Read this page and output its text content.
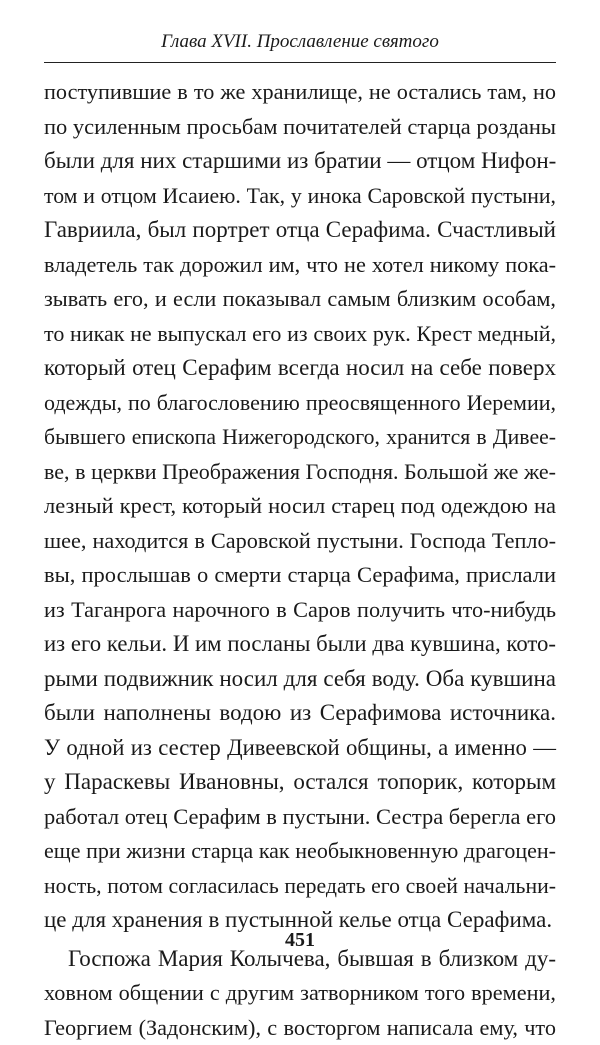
Глава XVII. Прославление святого
поступившие в то же хранилище, не остались там, но
по усиленным просьбам почитателей старца розданы
были для них старшими из братии — отцом Нифон-
том и отцом Исаиею. Так, у инока Саровской пустыни,
Гавриила, был портрет отца Серафима. Счастливый
владетель так дорожил им, что не хотел никому пока-
зывать его, и если показывал самым близким особам,
то никак не выпускал его из своих рук. Крест медный,
который отец Серафим всегда носил на себе поверх
одежды, по благословению преосвященного Иеремии,
бывшего епископа Нижегородского, хранится в Дивее-
ве, в церкви Преображения Господня. Большой же же-
лезный крест, который носил старец под одеждою на
шее, находится в Саровской пустыни. Господа Теплo-
вы, прослышав о смерти старца Серафима, прислали
из Таганрога нарочного в Саров получить что-нибудь
из его кельи. И им посланы были два кувшина, кото-
рыми подвижник носил для себя воду. Оба кувшина
были наполнены водою из Серафимова источника.
У одной из сестер Дивеевской общины, а именно —
у Параскевы Ивановны, остался топорик, которым
работал отец Серафим в пустыни. Сестра берегла его
еще при жизни старца как необыкновенную драгоцен-
ность, потом согласилась передать его своей начальни-
це для хранения в пустынной келье отца Серафима.
Госпожа Мария Колычева, бывшая в близком ду-
ховном общении с другим затворником того времени,
Георгием (Задонским), с восторгом написала ему, что
451
